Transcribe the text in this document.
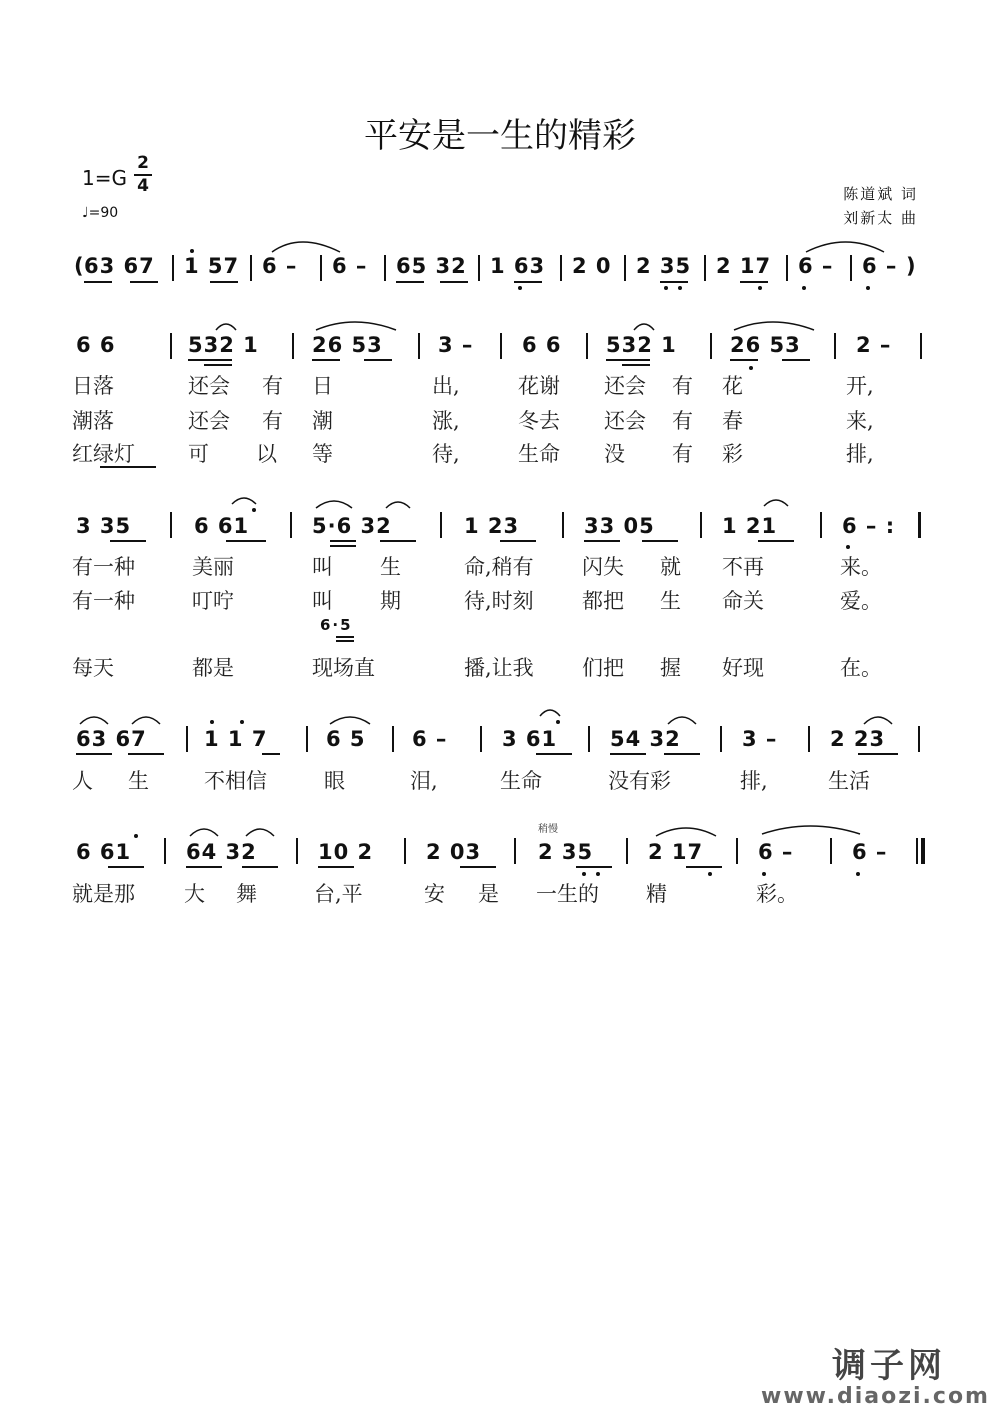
平安是一生的精彩
1=G
2
4
♩=90
陈道斌 词
刘新太 曲
( 63 67 1 57 6 – 6 – 65 32 1 63 2 0 2 35 2 17 6 – 6 – )
6 6	532 1	26 53	3 – 6 6 532 1	26 53	2 –
日落	还会 有 日	出,	花谢 还会 有 花	开,
潮落	还会 有 潮	涨,	冬去 还会 有 春	来,
红绿灯	可 以 等	待,	生命 没 有 彩	排,
3 35	6 61	5·6 32	1 23	33 05	1 21	6 – :
有一种	美丽	叫 生	命,稍有 闪失 就 不再	来。
有一种	叮咛	叫 期	待,时刻 都把 生 命关	爱。
6·5
每天	都是	现场直	播,让我 们把 握 好现	在。
63 67	1 1 7	6 5 6 –	3 61	54 32	3 –	2 23
人 生	不相信	眼	泪,	生命	没有彩	排,	生活
稍慢
6 61	64 32	10 2	2 03	2 35	2 17	6 –	6 –
就是那 大 舞	台,平	安 是 一生的 精	彩。
调子网
www.diaozi.com
